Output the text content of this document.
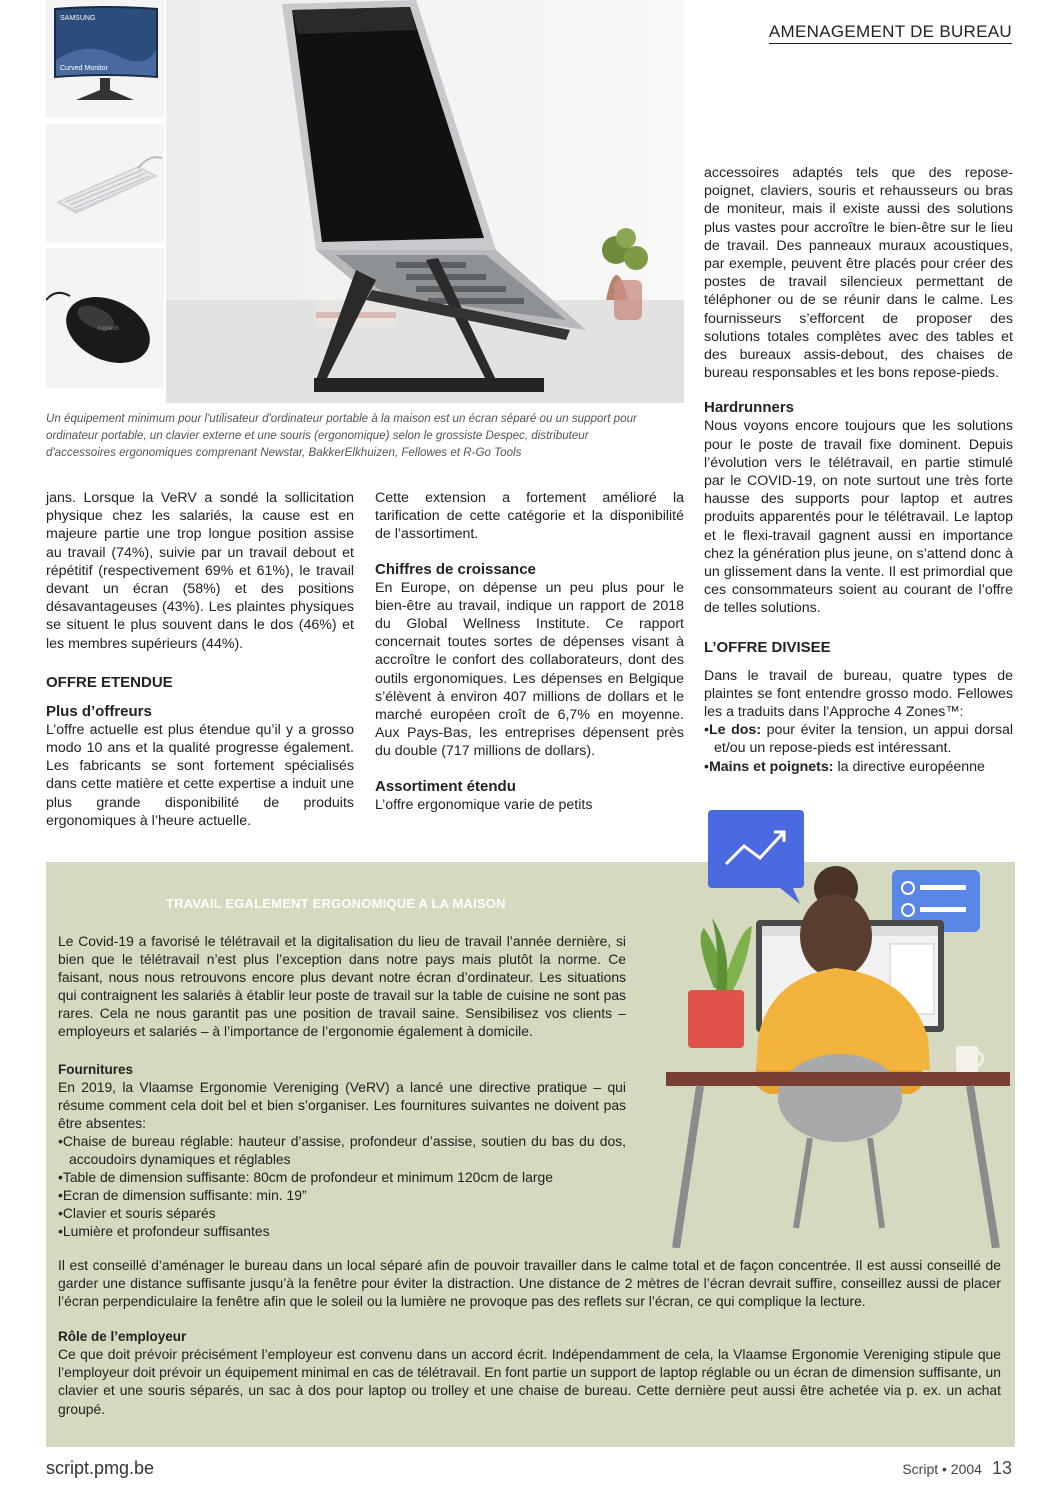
AMENAGEMENT DE BUREAU
SAMSUNG
Curved Monitor
logitech
Un équipement minimum pour l'utilisateur d'ordinateur portable à la maison est un écran séparé ou un support pour ordinateur portable, un clavier externe et une souris (ergonomique) selon le grossiste Despec, distributeur d'accessoires ergonomiques comprenant Newstar, BakkerElkhuizen, Fellowes et R-Go Tools

jans. Lorsque la VeRV a sondé la sollicitation physique chez les salariés, la cause est en majeure partie une trop longue position assise au travail (74%), suivie par un travail debout et répétitif (respectivement 69% et 61%), le travail devant un écran (58%) et des positions désavantageuses (43%). Les plaintes physiques se situent le plus souvent dans le dos (46%) et les membres supérieurs (44%).

OFFRE ETENDUE
Plus d’offreurs

L’offre actuelle est plus étendue qu’il y a grosso modo 10 ans et la qualité progresse également. Les fabricants se sont fortement spécialisés dans cette matière et cette expertise a induit une plus grande disponibilité de produits ergonomiques à l’heure actuelle.

Cette extension a fortement amélioré la tarification de cette catégorie et la disponibilité de l’assortiment.

Chiffres de croissance

En Europe, on dépense un peu plus pour le bien-être au travail, indique un rapport de 2018 du Global Wellness Institute. Ce rapport concernait toutes sortes de dépenses visant à accroître le confort des collaborateurs, dont des outils ergonomiques. Les dépenses en Belgique s’élèvent à environ 407 millions de dollars et le marché européen croît de 6,7% en moyenne. Aux Pays-Bas, les entreprises dépensent près du double (717 millions de dollars).

Assortiment étendu

L’offre ergonomique varie de petits

accessoires adaptés tels que des repose-poignet, claviers, souris et rehausseurs ou bras de moniteur, mais il existe aussi des solutions plus vastes pour accroître le bien-être sur le lieu de travail. Des panneaux muraux acoustiques, par exemple, peuvent être placés pour créer des postes de travail silencieux permettant de téléphoner ou de se réunir dans le calme. Les fournisseurs s’efforcent de proposer des solutions totales complètes avec des tables et des bureaux assis-debout, des chaises de bureau responsables et les bons repose-pieds.

Hardrunners

Nous voyons encore toujours que les solutions pour le poste de travail fixe dominent. Depuis l’évolution vers le télétravail, en partie stimulé par le COVID-19, on note surtout une très forte hausse des supports pour laptop et autres produits apparentés pour le télétravail. Le laptop et le flexi-travail gagnent aussi en importance chez la génération plus jeune, on s’attend donc à un glissement dans la vente. Il est primordial que ces consommateurs soient au courant de l’offre de telles solutions.

L’OFFRE DIVISEE

Dans le travail de bureau, quatre types de plaintes se font entendre grosso modo. Fellowes les a traduits dans l’Approche 4 Zones™:

•Le dos: pour éviter la tension, un appui dorsal et/ou un repose-pieds est intéressant.
•Mains et poignets: la directive européenne
TRAVAIL EGALEMENT ERGONOMIQUE A LA MAISON

Le Covid-19 a favorisé le télétravail et la digitalisation du lieu de travail l’année dernière, si bien que le télétravail n’est plus l’exception dans notre pays mais plutôt la norme. Ce faisant, nous nous retrouvons encore plus devant notre écran d’ordinateur. Les situations qui contraignent les salariés à établir leur poste de travail sur la table de cuisine ne sont pas rares. Cela ne nous garantit pas une position de travail saine. Sensibilisez vos clients – employeurs et salariés – à l’importance de l’ergonomie également à domicile.

Fournitures

En 2019, la Vlaamse Ergonomie Vereniging (VeRV) a lancé une directive pratique – qui résume comment cela doit bel et bien s’organiser. Les fournitures suivantes ne doivent pas être absentes:

•Chaise de bureau réglable: hauteur d’assise, profondeur d’assise, soutien du bas du dos, accoudoirs dynamiques et réglables
•Table de dimension suffisante: 80cm de profondeur et minimum 120cm de large
•Ecran de dimension suffisante: min. 19”
•Clavier et souris séparés
•Lumière et profondeur suffisantes

Il est conseillé d’aménager le bureau dans un local séparé afin de pouvoir travailler dans le calme total et de façon concentrée. Il est aussi conseillé de garder une distance suffisante jusqu’à la fenêtre pour éviter la distraction. Une distance de 2 mètres de l’écran devrait suffire, conseillez aussi de placer l’écran perpendiculaire la fenêtre afin que le soleil ou la lumière ne provoque pas des reflets sur l’écran, ce qui complique la lecture.

Rôle de l’employeur

Ce que doit prévoir précisément l’employeur est convenu dans un accord écrit. Indépendamment de cela, la Vlaamse Ergonomie Vereniging stipule que l’employeur doit prévoir un équipement minimal en cas de télétravail. En font partie un support de laptop réglable ou un écran de dimension suffisante, un clavier et une souris séparés, un sac à dos pour laptop ou trolley et une chaise de bureau. Cette dernière peut aussi être achetée via p. ex. un achat groupé.

script.pmg.be	Script • 2004 13
